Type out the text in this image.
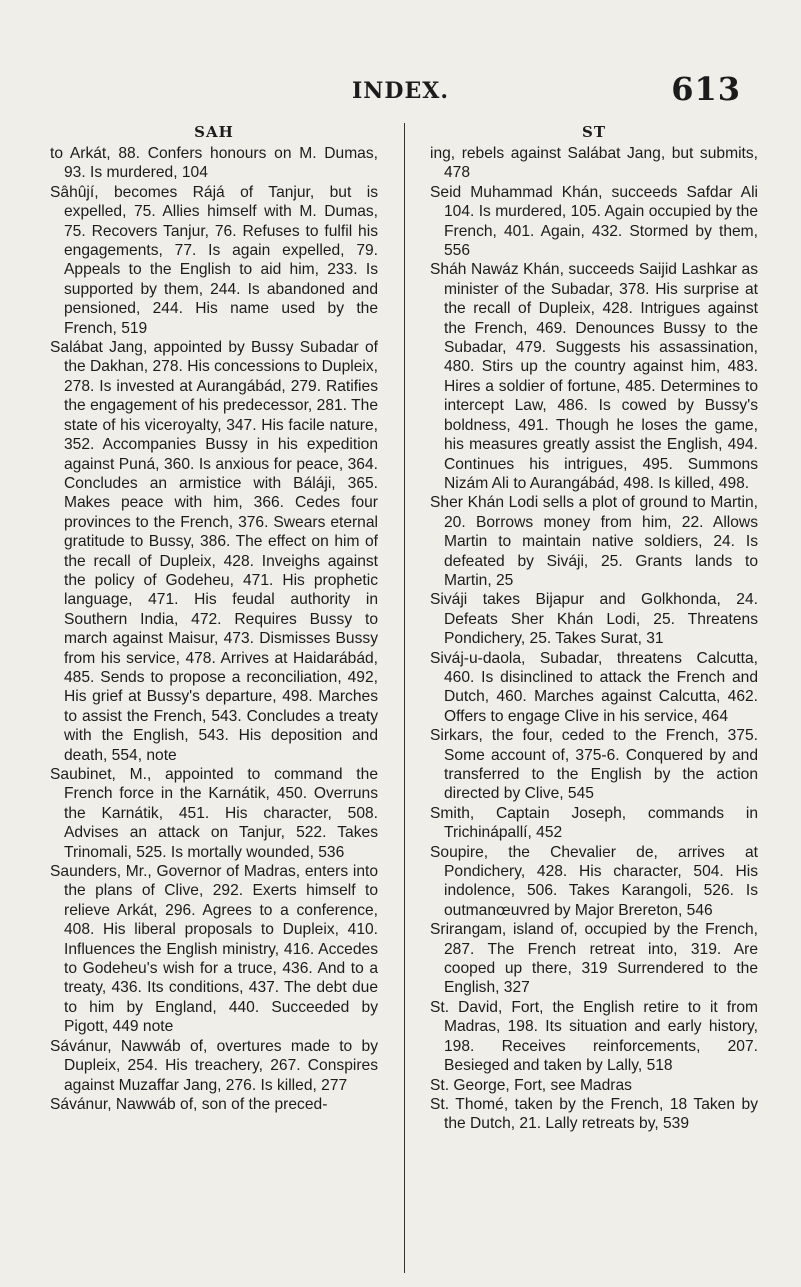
INDEX.	613
SAH

to Arkát, 88. Confers honours on M. Dumas, 93. Is murdered, 104

Sâhûjí, becomes Rájá of Tanjur, but is expelled, 75. Allies himself with M. Dumas, 75. Recovers Tanjur, 76. Refuses to fulfil his engagements, 77. Is again expelled, 79. Appeals to the English to aid him, 233. Is supported by them, 244. Is abandoned and pensioned, 244. His name used by the French, 519

Salábat Jang, appointed by Bussy Subadar of the Dakhan, 278. His concessions to Dupleix, 278. Is invested at Aurangábád, 279. Ratifies the engagement of his predecessor, 281. The state of his viceroyalty, 347. His facile nature, 352. Accompanies Bussy in his expedition against Puná, 360. Is anxious for peace, 364. Concludes an armistice with Báláji, 365. Makes peace with him, 366. Cedes four provinces to the French, 376. Swears eternal gratitude to Bussy, 386. The effect on him of the recall of Dupleix, 428. Inveighs against the policy of Godeheu, 471. His prophetic language, 471. His feudal authority in Southern India, 472. Requires Bussy to march against Maisur, 473. Dismisses Bussy from his service, 478. Arrives at Haidarábád, 485. Sends to propose a reconciliation, 492, His grief at Bussy's departure, 498. Marches to assist the French, 543. Concludes a treaty with the English, 543. His deposition and death, 554, note

Saubinet, M., appointed to command the French force in the Karnátik, 450. Overruns the Karnátik, 451. His character, 508. Advises an attack on Tanjur, 522. Takes Trinomali, 525. Is mortally wounded, 536

Saunders, Mr., Governor of Madras, enters into the plans of Clive, 292. Exerts himself to relieve Arkát, 296. Agrees to a conference, 408. His liberal proposals to Dupleix, 410. Influences the English ministry, 416. Accedes to Godeheu's wish for a truce, 436. And to a treaty, 436. Its conditions, 437. The debt due to him by England, 440. Succeeded by Pigott, 449 note

Sávánur, Nawwáb of, overtures made to by Dupleix, 254. His treachery, 267. Conspires against Muzaffar Jang, 276. Is killed, 277

Sávánur, Nawwáb of, son of the preced-

ST

ing, rebels against Salábat Jang, but submits, 478

Seid Muhammad Khán, succeeds Safdar Ali 104. Is murdered, 105. Again occupied by the French, 401. Again, 432. Stormed by them, 556

Sháh Nawáz Khán, succeeds Saijid Lashkar as minister of the Subadar, 378. His surprise at the recall of Dupleix, 428. Intrigues against the French, 469. Denounces Bussy to the Subadar, 479. Suggests his assassination, 480. Stirs up the country against him, 483. Hires a soldier of fortune, 485. Determines to intercept Law, 486. Is cowed by Bussy's boldness, 491. Though he loses the game, his measures greatly assist the English, 494. Continues his intrigues, 495. Summons Nizám Ali to Aurangábád, 498. Is killed, 498.

Sher Khán Lodi sells a plot of ground to Martin, 20. Borrows money from him, 22. Allows Martin to maintain native soldiers, 24. Is defeated by Siváji, 25. Grants lands to Martin, 25

Siváji takes Bijapur and Golkhonda, 24. Defeats Sher Khán Lodi, 25. Threatens Pondichery, 25. Takes Surat, 31

Siváj-u-daola, Subadar, threatens Calcutta, 460. Is disinclined to attack the French and Dutch, 460. Marches against Calcutta, 462. Offers to engage Clive in his service, 464

Sirkars, the four, ceded to the French, 375. Some account of, 375-6. Conquered by and transferred to the English by the action directed by Clive, 545

Smith, Captain Joseph, commands in Trichinápallí, 452

Soupire, the Chevalier de, arrives at Pondichery, 428. His character, 504. His indolence, 506. Takes Karangoli, 526. Is outmanœuvred by Major Brereton, 546

Srirangam, island of, occupied by the French, 287. The French retreat into, 319. Are cooped up there, 319 Surrendered to the English, 327

St. David, Fort, the English retire to it from Madras, 198. Its situation and early history, 198. Receives reinforcements, 207. Besieged and taken by Lally, 518

St. George, Fort, see Madras

St. Thomé, taken by the French, 18 Taken by the Dutch, 21. Lally retreats by, 539
